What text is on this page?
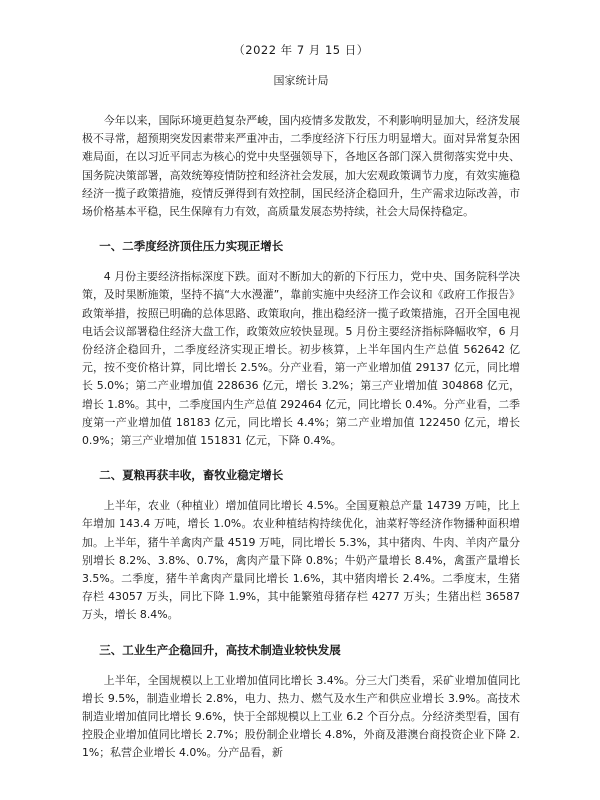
（2022 年 7 月 15 日）

国家统计局

今年以来，国际环境更趋复杂严峻，国内疫情多发散发，不利影响明显加大，经济发展极不寻常，超预期突发因素带来严重冲击，二季度经济下行压力明显增大。面对异常复杂困难局面，在以习近平同志为核心的党中央坚强领导下，各地区各部门深入贯彻落实党中央、国务院决策部署，高效统筹疫情防控和经济社会发展，加大宏观政策调节力度，有效实施稳经济一揽子政策措施，疫情反弹得到有效控制，国民经济企稳回升，生产需求边际改善，市场价格基本平稳，民生保障有力有效，高质量发展态势持续，社会大局保持稳定。

一、二季度经济顶住压力实现正增长

4 月份主要经济指标深度下跌。面对不断加大的新的下行压力，党中央、国务院科学决策，及时果断施策，坚持不搞“大水漫灌”，靠前实施中央经济工作会议和《政府工作报告》政策举措，按照已明确的总体思路、政策取向，推出稳经济一揽子政策措施，召开全国电视电话会议部署稳住经济大盘工作，政策效应较快显现。5 月份主要经济指标降幅收窄，6 月份经济企稳回升，二季度经济实现正增长。初步核算，上半年国内生产总值 562642 亿元，按不变价格计算，同比增长 2.5%。分产业看，第一产业增加值 29137 亿元，同比增长 5.0%；第二产业增加值 228636 亿元，增长 3.2%；第三产业增加值 304868 亿元，增长 1.8%。其中，二季度国内生产总值 292464 亿元，同比增长 0.4%。分产业看，二季度第一产业增加值 18183 亿元，同比增长 4.4%；第二产业增加值 122450 亿元，增长 0.9%；第三产业增加值 151831 亿元，下降 0.4%。

二、夏粮再获丰收，畜牧业稳定增长

上半年，农业（种植业）增加值同比增长 4.5%。全国夏粮总产量 14739 万吨，比上年增加 143.4 万吨，增长 1.0%。农业种植结构持续优化，油菜籽等经济作物播种面积增加。上半年，猪牛羊禽肉产量 4519 万吨，同比增长 5.3%，其中猪肉、牛肉、羊肉产量分别增长 8.2%、3.8%、0.7%，禽肉产量下降 0.8%；牛奶产量增长 8.4%，禽蛋产量增长 3.5%。二季度，猪牛羊禽肉产量同比增长 1.6%，其中猪肉增长 2.4%。二季度末，生猪存栏 43057 万头，同比下降 1.9%，其中能繁殖母猪存栏 4277 万头；生猪出栏 36587 万头，增长 8.4%。

三、工业生产企稳回升，高技术制造业较快发展

上半年，全国规模以上工业增加值同比增长 3.4%。分三大门类看，采矿业增加值同比增长 9.5%，制造业增长 2.8%，电力、热力、燃气及水生产和供应业增长 3.9%。高技术制造业增加值同比增长 9.6%，快于全部规模以上工业 6.2 个百分点。分经济类型看，国有控股企业增加值同比增长 2.7%；股份制企业增长 4.8%，外商及港澳台商投资企业下降 2.1%；私营企业增长 4.0%。分产品看，新
